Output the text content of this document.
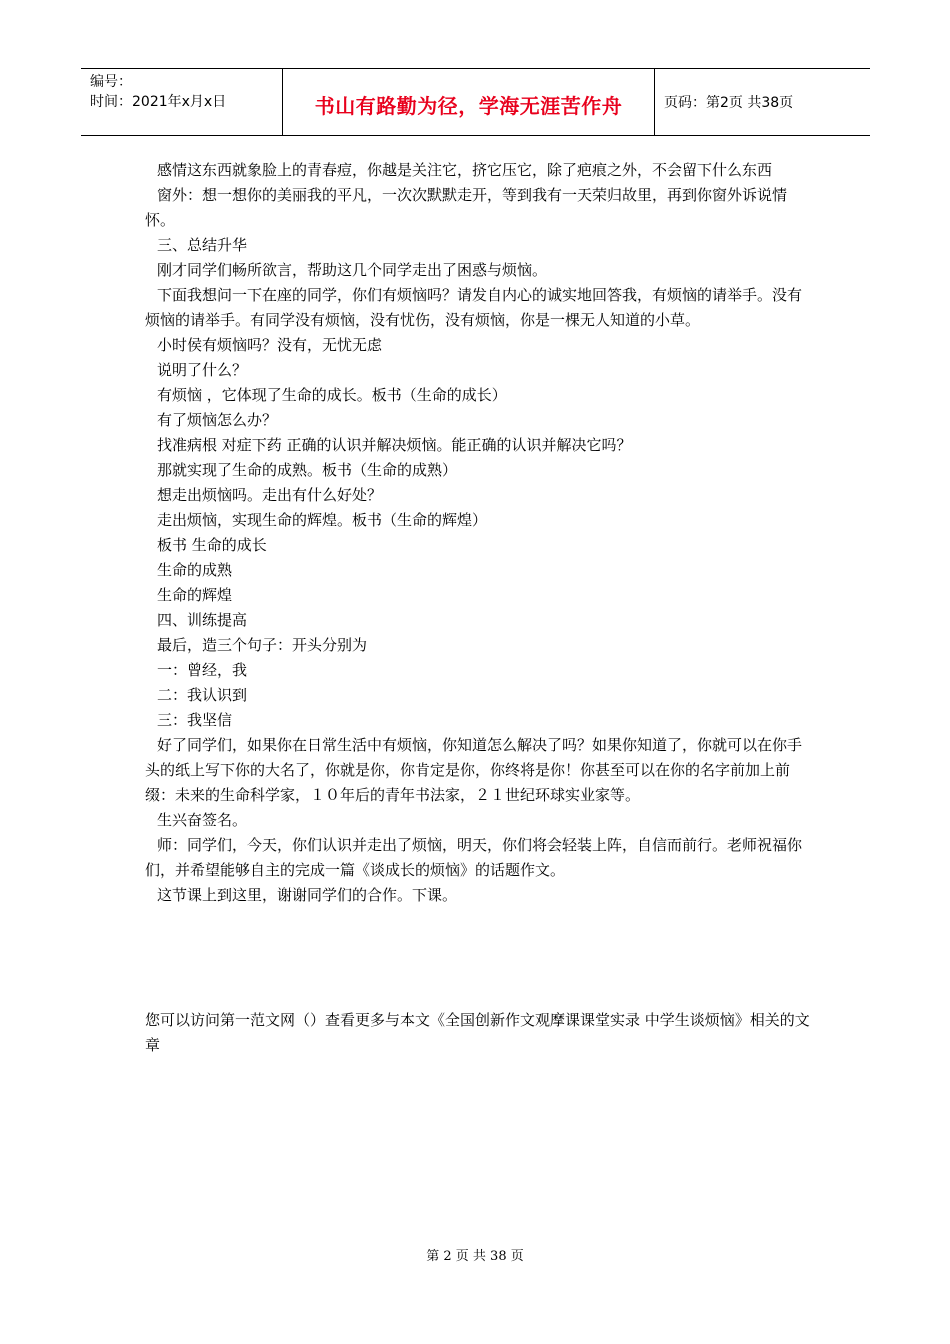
编号：
时间：2021年x月x日	书山有路勤为径，学海无涯苦作舟	页码：第2页 共38页

感情这东西就象脸上的青春痘，你越是关注它，挤它压它，除了疤痕之外，不会留下什么东西

窗外：想一想你的美丽我的平凡，一次次默默走开，等到我有一天荣归故里，再到你窗外诉说情怀。

三、总结升华

刚才同学们畅所欲言，帮助这几个同学走出了困惑与烦恼。

下面我想问一下在座的同学，你们有烦恼吗？请发自内心的诚实地回答我，有烦恼的请举手。没有烦恼的请举手。有同学没有烦恼，没有忧伤，没有烦恼，你是一棵无人知道的小草。

小时侯有烦恼吗？没有，无忧无虑

说明了什么？

有烦恼 ，它体现了生命的成长。板书（生命的成长）

有了烦恼怎么办？

找准病根 对症下药 正确的认识并解决烦恼。能正确的认识并解决它吗？

那就实现了生命的成熟。板书（生命的成熟）

想走出烦恼吗。走出有什么好处？

走出烦恼，实现生命的辉煌。板书（生命的辉煌）

板书 生命的成长

生命的成熟

生命的辉煌

四、训练提高

最后，造三个句子：开头分别为

一：曾经，我

二：我认识到

三：我坚信

好了同学们，如果你在日常生活中有烦恼，你知道怎么解决了吗？如果你知道了，你就可以在你手头的纸上写下你的大名了，你就是你，你肯定是你，你终将是你！你甚至可以在你的名字前加上前缀：未来的生命科学家，１０年后的青年书法家，２１世纪环球实业家等。

生兴奋签名。

师：同学们，今天，你们认识并走出了烦恼，明天，你们将会轻装上阵，自信而前行。老师祝福你们，并希望能够自主的完成一篇《谈成长的烦恼》的话题作文。

这节课上到这里，谢谢同学们的合作。下课。

您可以访问第一范文网（）查看更多与本文《全国创新作文观摩课课堂实录 中学生谈烦恼》相关的文章

第 2 页 共 38 页
